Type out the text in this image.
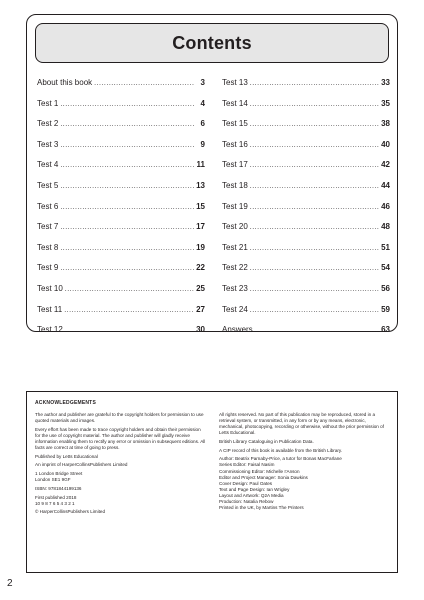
Contents
About this book .....	3
Test 1 .....	4
Test 2 .....	6
Test 3 .....	9
Test 4 .....	11
Test 5 .....	13
Test 6 .....	15
Test 7 .....	17
Test 8 .....	19
Test 9 .....	22
Test 10 .....	25
Test 11 .....	27
Test 12 .....	30
Test 13 .....	33
Test 14 .....	35
Test 15 .....	38
Test 16 .....	40
Test 17 .....	42
Test 18 .....	44
Test 19 .....	46
Test 20 .....	48
Test 21 .....	51
Test 22 .....	54
Test 23 .....	56
Test 24 .....	59
Answers .....	63
ACKNOWLEDGEMENTS

The author and publisher are grateful to the copyright holders for permission to use quoted materials and images.

Every effort has been made to trace copyright holders and obtain their permission for the use of copyright material. The author and publisher will gladly receive information enabling them to rectify any error or omission in subsequent editions. All facts are correct at time of going to press.

Published by Letts Educational

An imprint of HarperCollinsPublishers Limited

1 London Bridge Street
London SE1 9GF

ISBN: 9781844199136

First published 2018
10 9 8 7 6 5 4 3 2 1

© HarperCollinsPublishers Limited

All rights reserved. No part of this publication may be reproduced, stored in a retrieval system, or transmitted, in any form or by any means, electronic, mechanical, photocopying, recording or otherwise, without the prior permission of Letts Educational.

British Library Cataloguing in Publication Data.

A CIP record of this book is available from the British Library.

Author: Beatrix Parnaby-Price, a tutor for Bonas MacFarlane
Series Editor: Faisal Nasim
Commissioning Editor: Michelle I'Anson
Editor and Project Manager: Sonia Dawkins
Cover Design: Paul Oates
Text and Page Design: Ian Wrigley
Layout and Artwork: Q2A Media
Production: Natalia Rebow
Printed in the UK, by Martins The Printers

2
